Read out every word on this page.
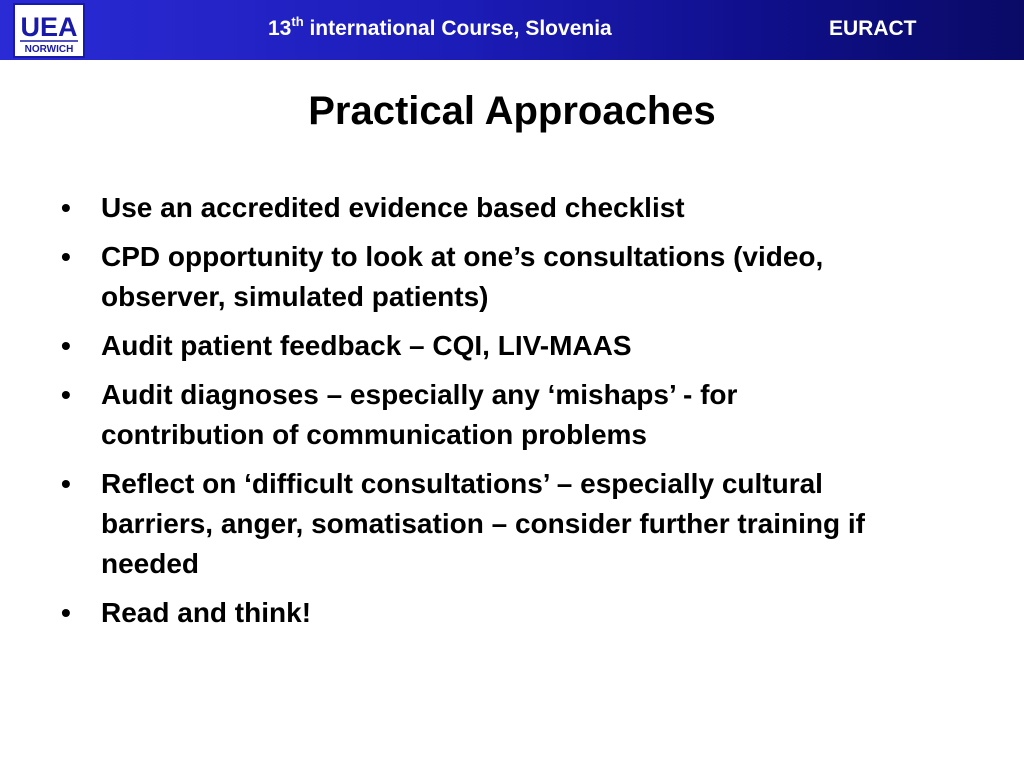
UEA
NORWICH
13th international Course, Slovenia	EURACT
Practical Approaches
• Use an accredited evidence based checklist
• CPD opportunity to look at one’s consultations (video, observer, simulated patients)
• Audit patient feedback – CQI, LIV-MAAS
• Audit diagnoses – especially any ‘mishaps’ - for contribution of communication problems
• Reflect on ‘difficult consultations’ – especially cultural barriers, anger, somatisation – consider further training if needed
• Read and think!
